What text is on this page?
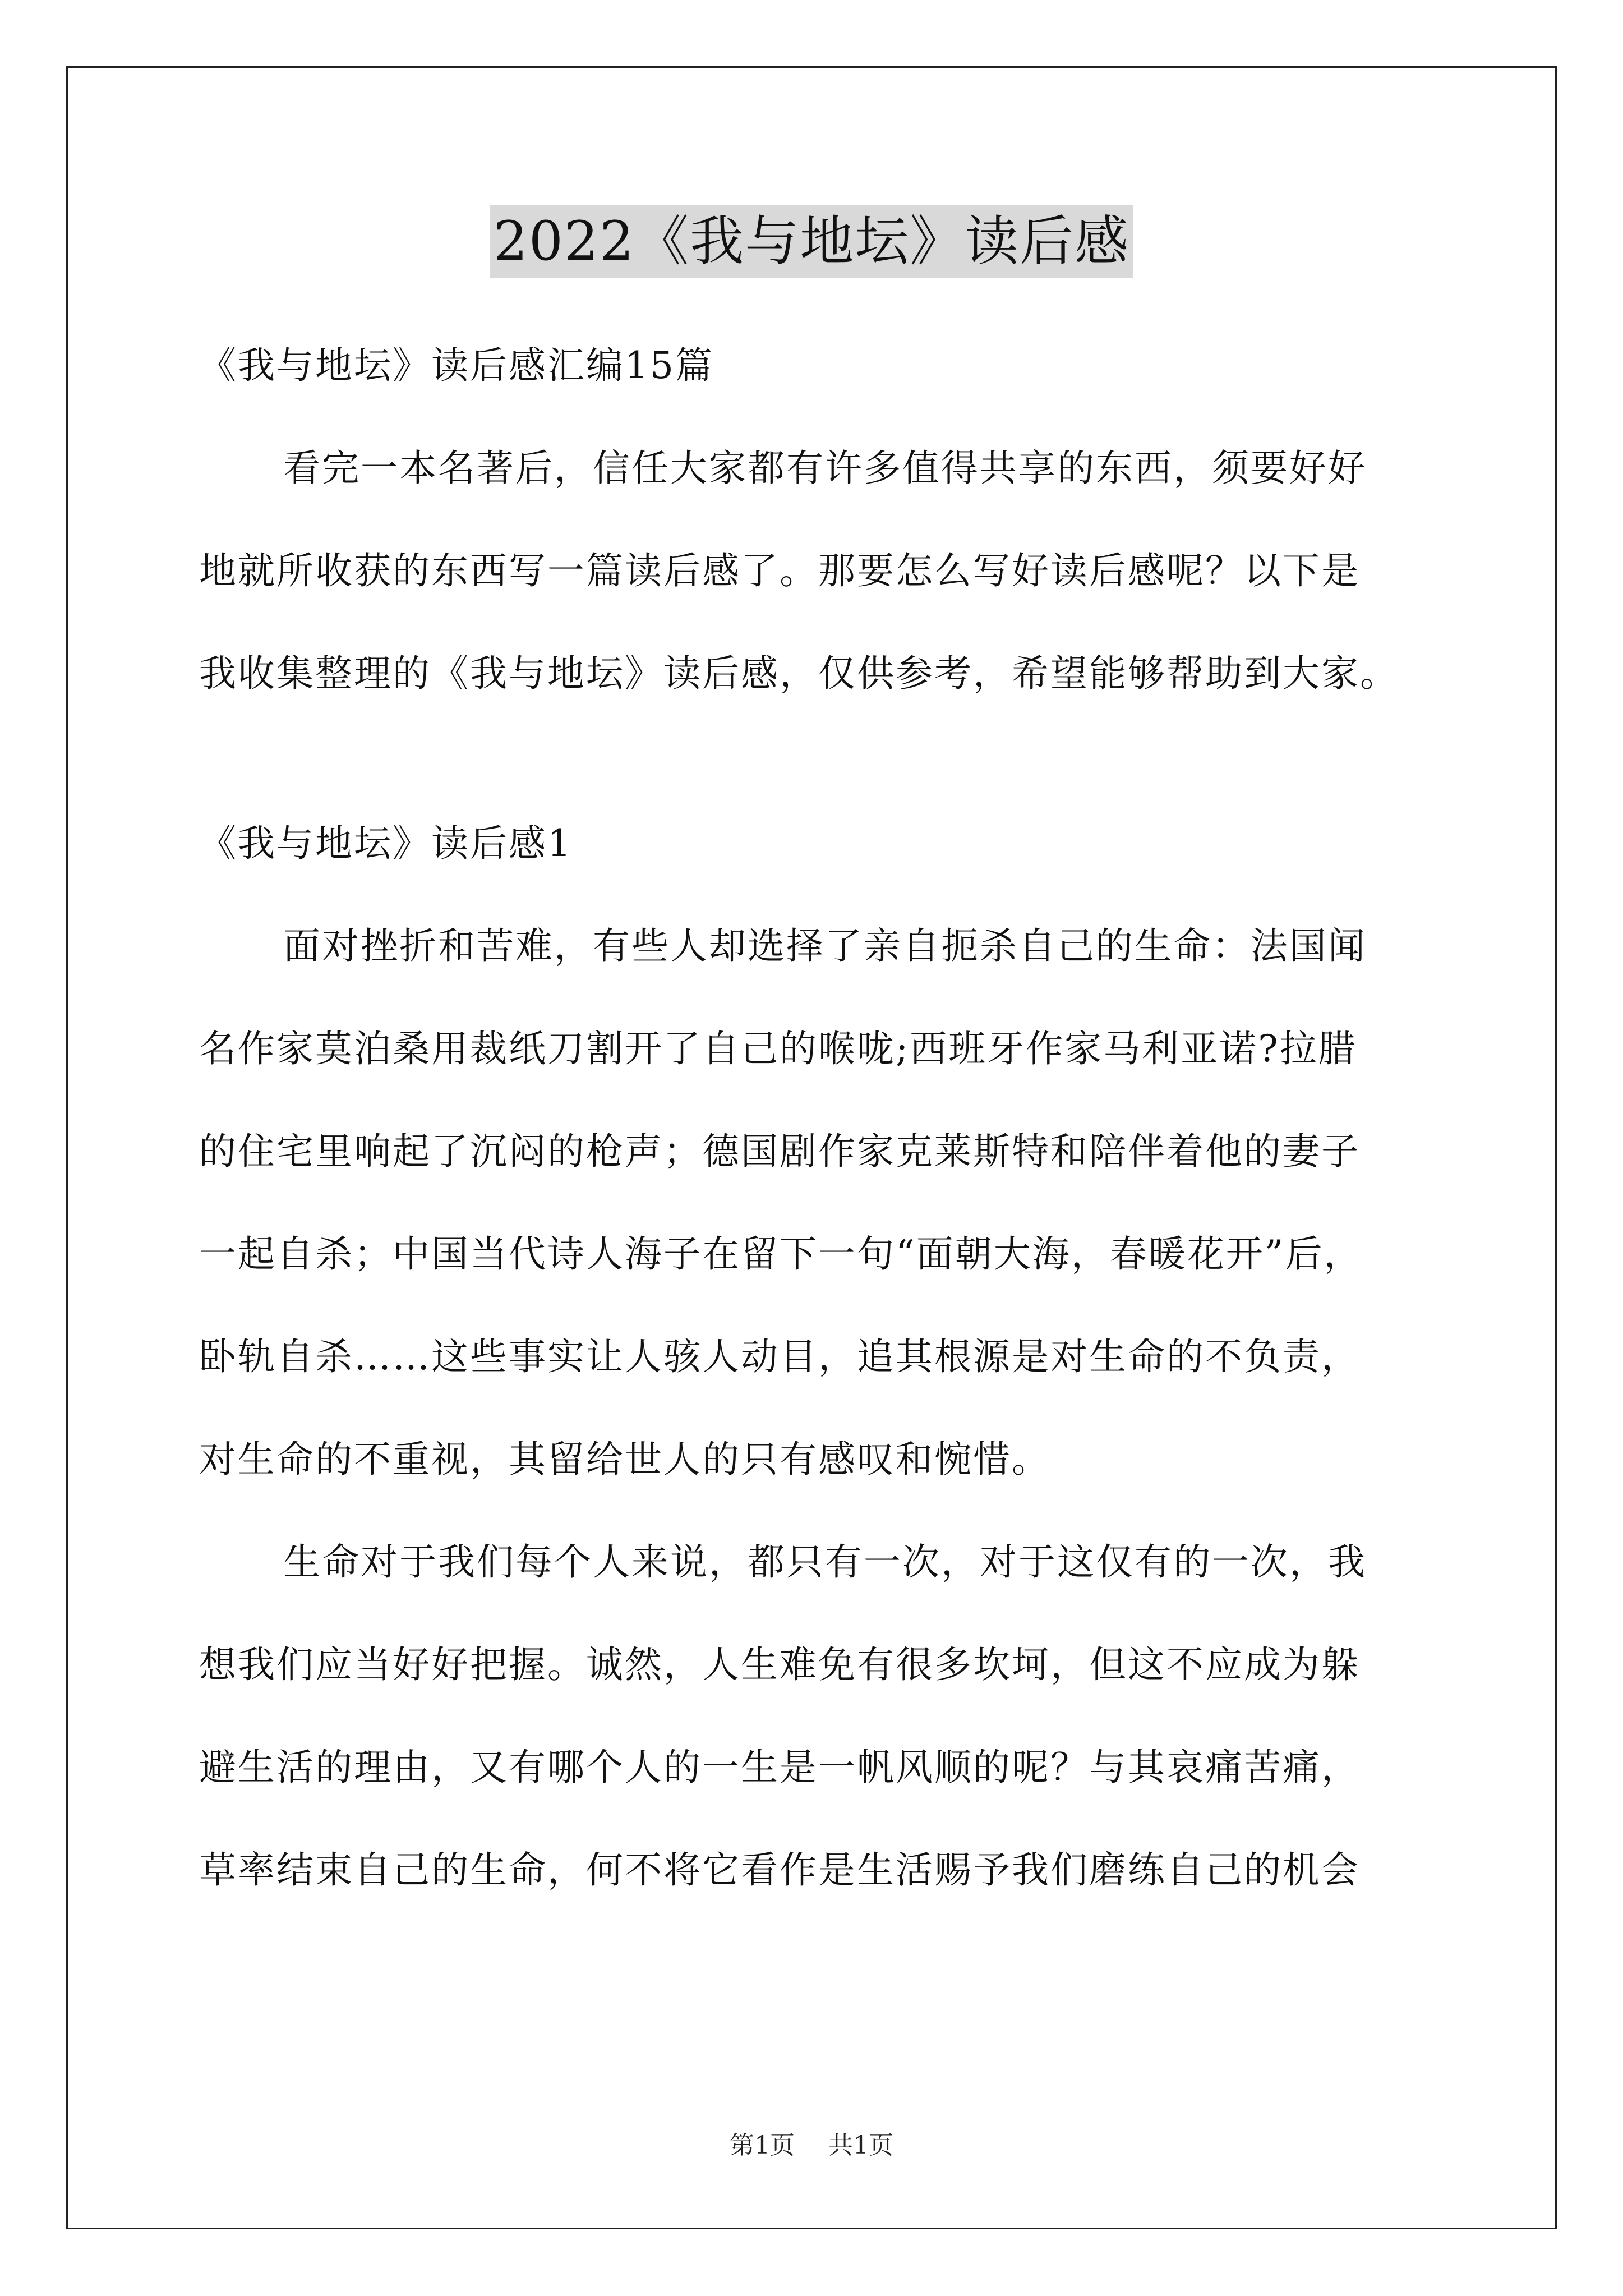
2022《我与地坛》读后感
《我与地坛》读后感汇编15篇
看完一本名著后，信任大家都有许多值得共享的东西，须要好好
地就所收获的东西写一篇读后感了。那要怎么写好读后感呢？以下是
我收集整理的《我与地坛》读后感，仅供参考，希望能够帮助到大家。
《我与地坛》读后感1
面对挫折和苦难，有些人却选择了亲自扼杀自己的生命：法国闻
名作家莫泊桑用裁纸刀割开了自己的喉咙;西班牙作家马利亚诺?拉腊
的住宅里响起了沉闷的枪声；德国剧作家克莱斯特和陪伴着他的妻子
一起自杀；中国当代诗人海子在留下一句“面朝大海，春暖花开”后，
卧轨自杀……这些事实让人骇人动目，追其根源是对生命的不负责，
对生命的不重视，其留给世人的只有感叹和惋惜。
生命对于我们每个人来说，都只有一次，对于这仅有的一次，我
想我们应当好好把握。诚然，人生难免有很多坎坷，但这不应成为躲
避生活的理由，又有哪个人的一生是一帆风顺的呢？与其哀痛苦痛，
草率结束自己的生命，何不将它看作是生活赐予我们磨练自己的机会
第1页 共1页
